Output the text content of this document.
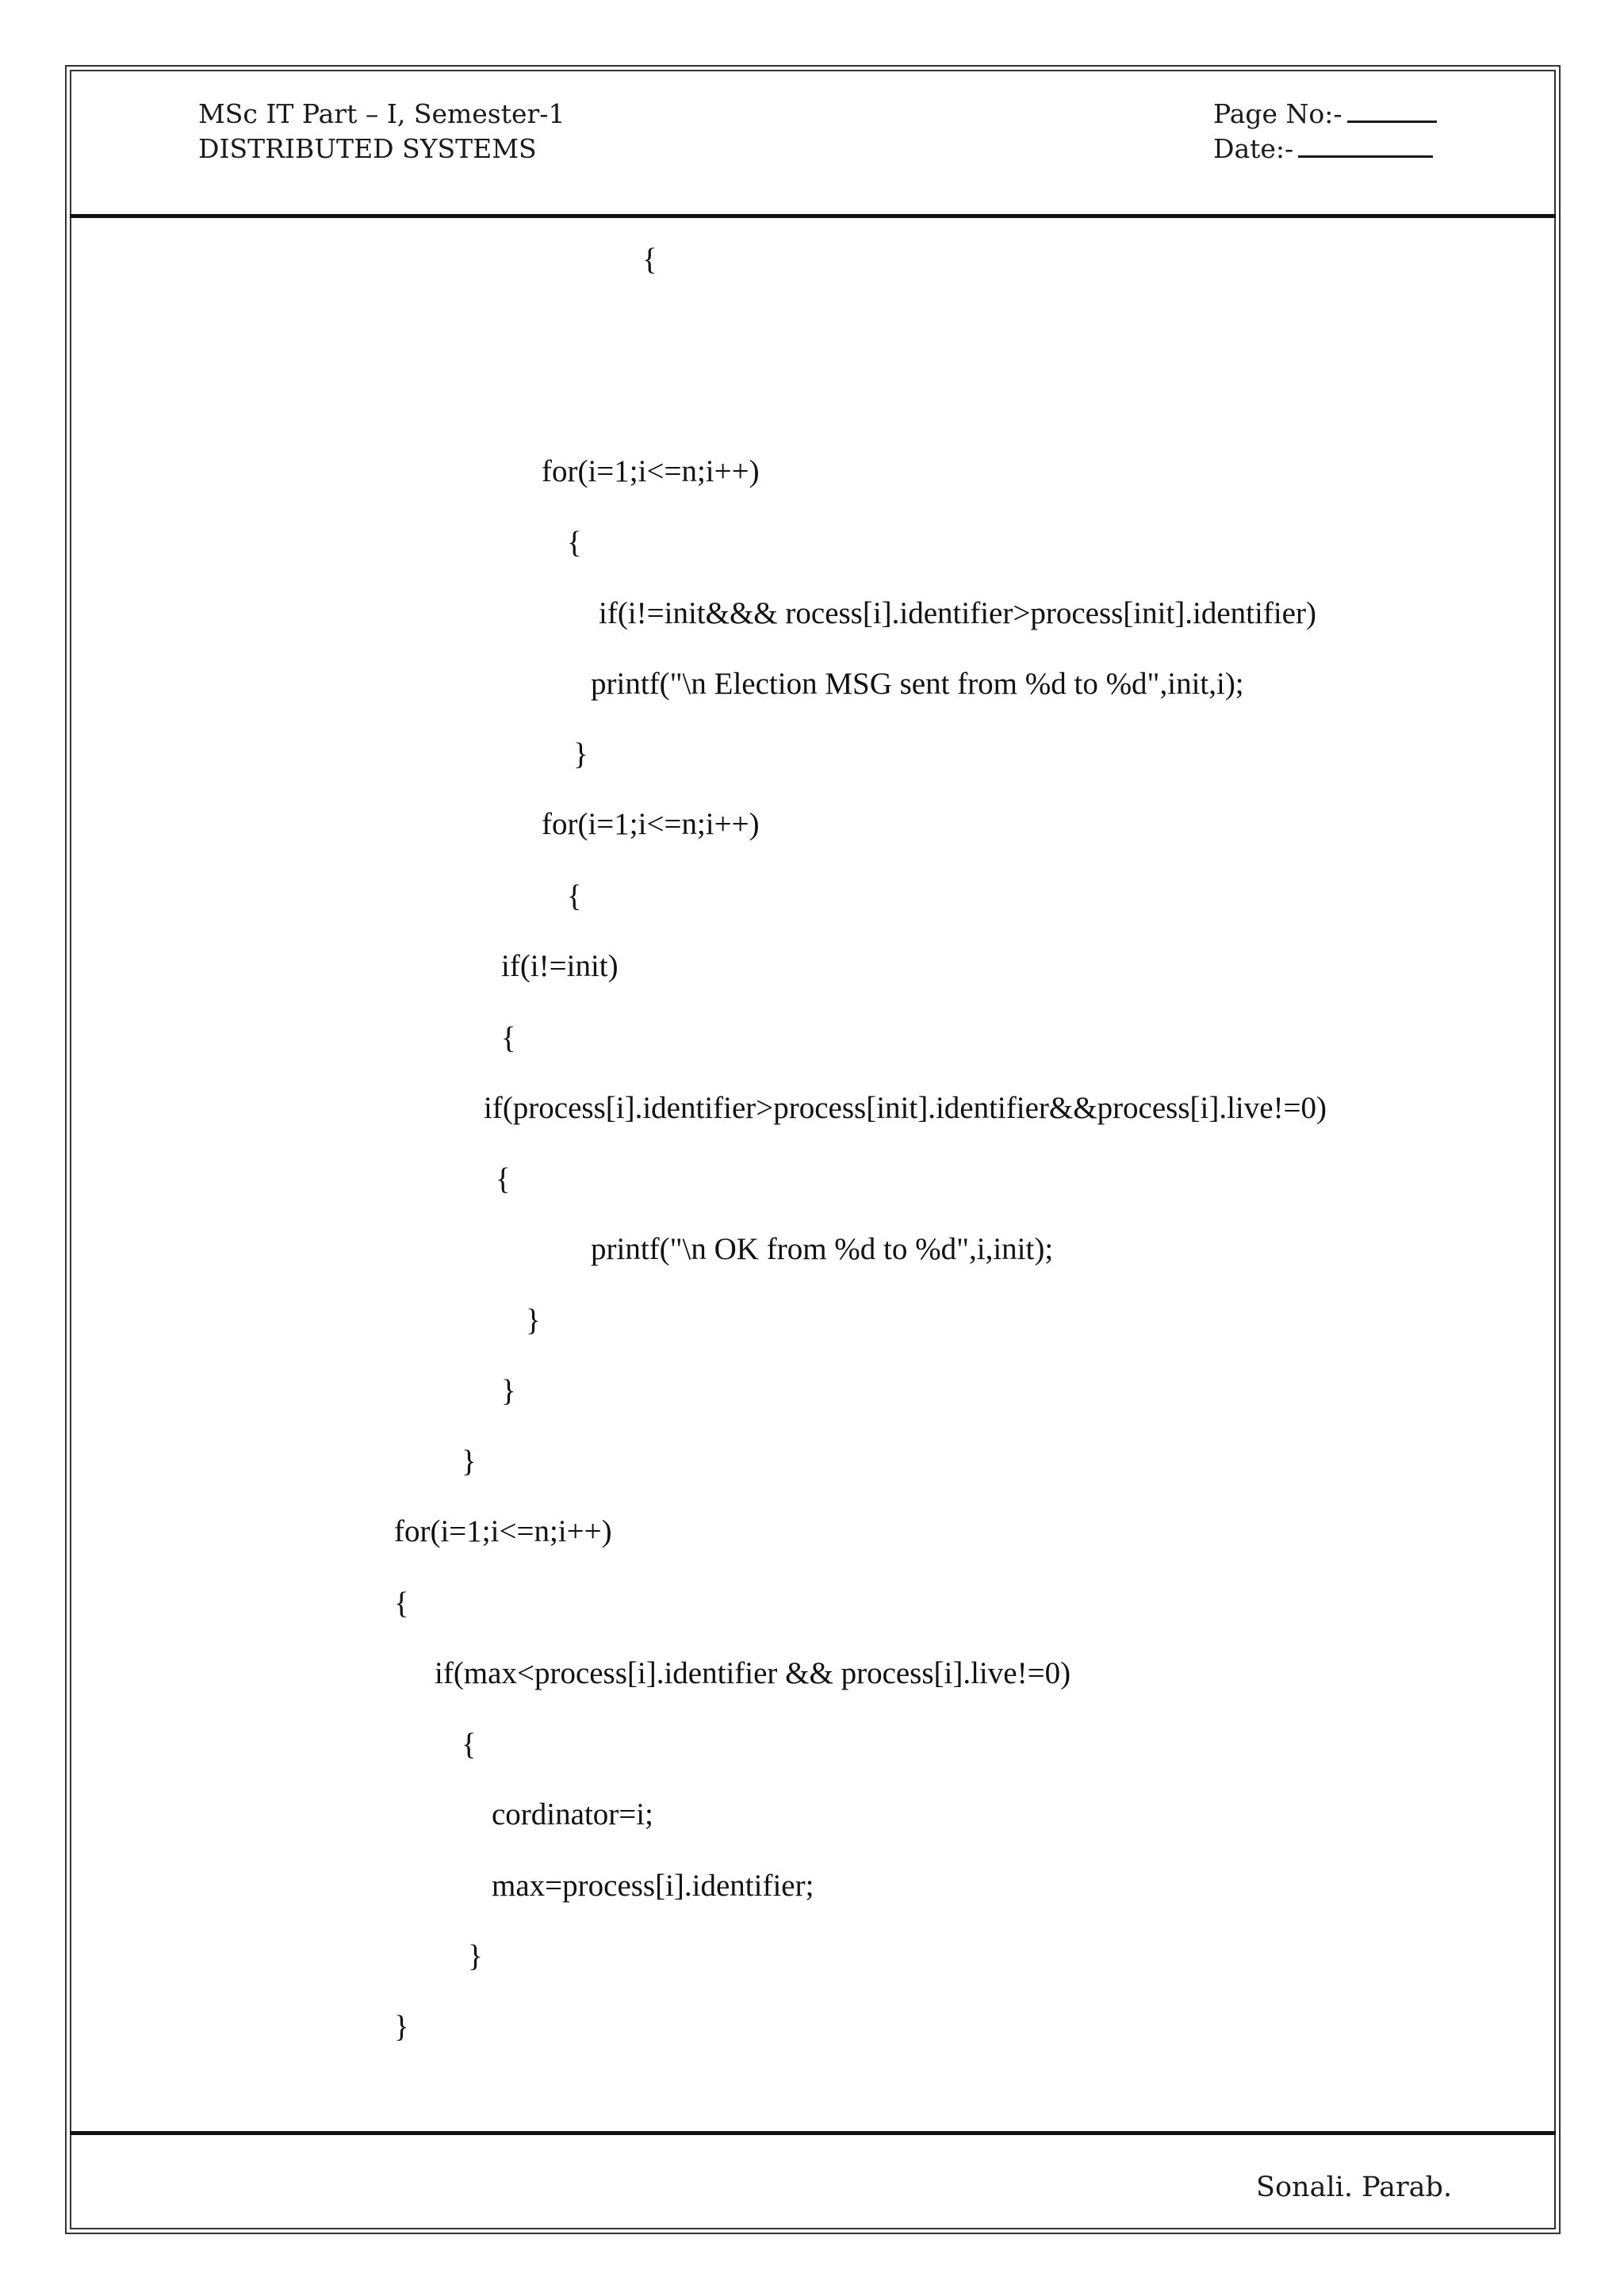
MSc IT Part – I, Semester-1
DISTRIBUTED SYSTEMS
Page No:-
Date:-
{
for(i=1;i<=n;i++)
{
if(i!=init&&& rocess[i].identifier>process[init].identifier)
printf("\n Election MSG sent from %d to %d",init,i);
}
for(i=1;i<=n;i++)
{
if(i!=init)
{
if(process[i].identifier>process[init].identifier&&process[i].live!=0)
{
printf("\n OK from %d to %d",i,init);
}
}
}
for(i=1;i<=n;i++)
{
if(max<process[i].identifier && process[i].live!=0)
{
cordinator=i;
max=process[i].identifier;
}
}
Sonali. Parab.
